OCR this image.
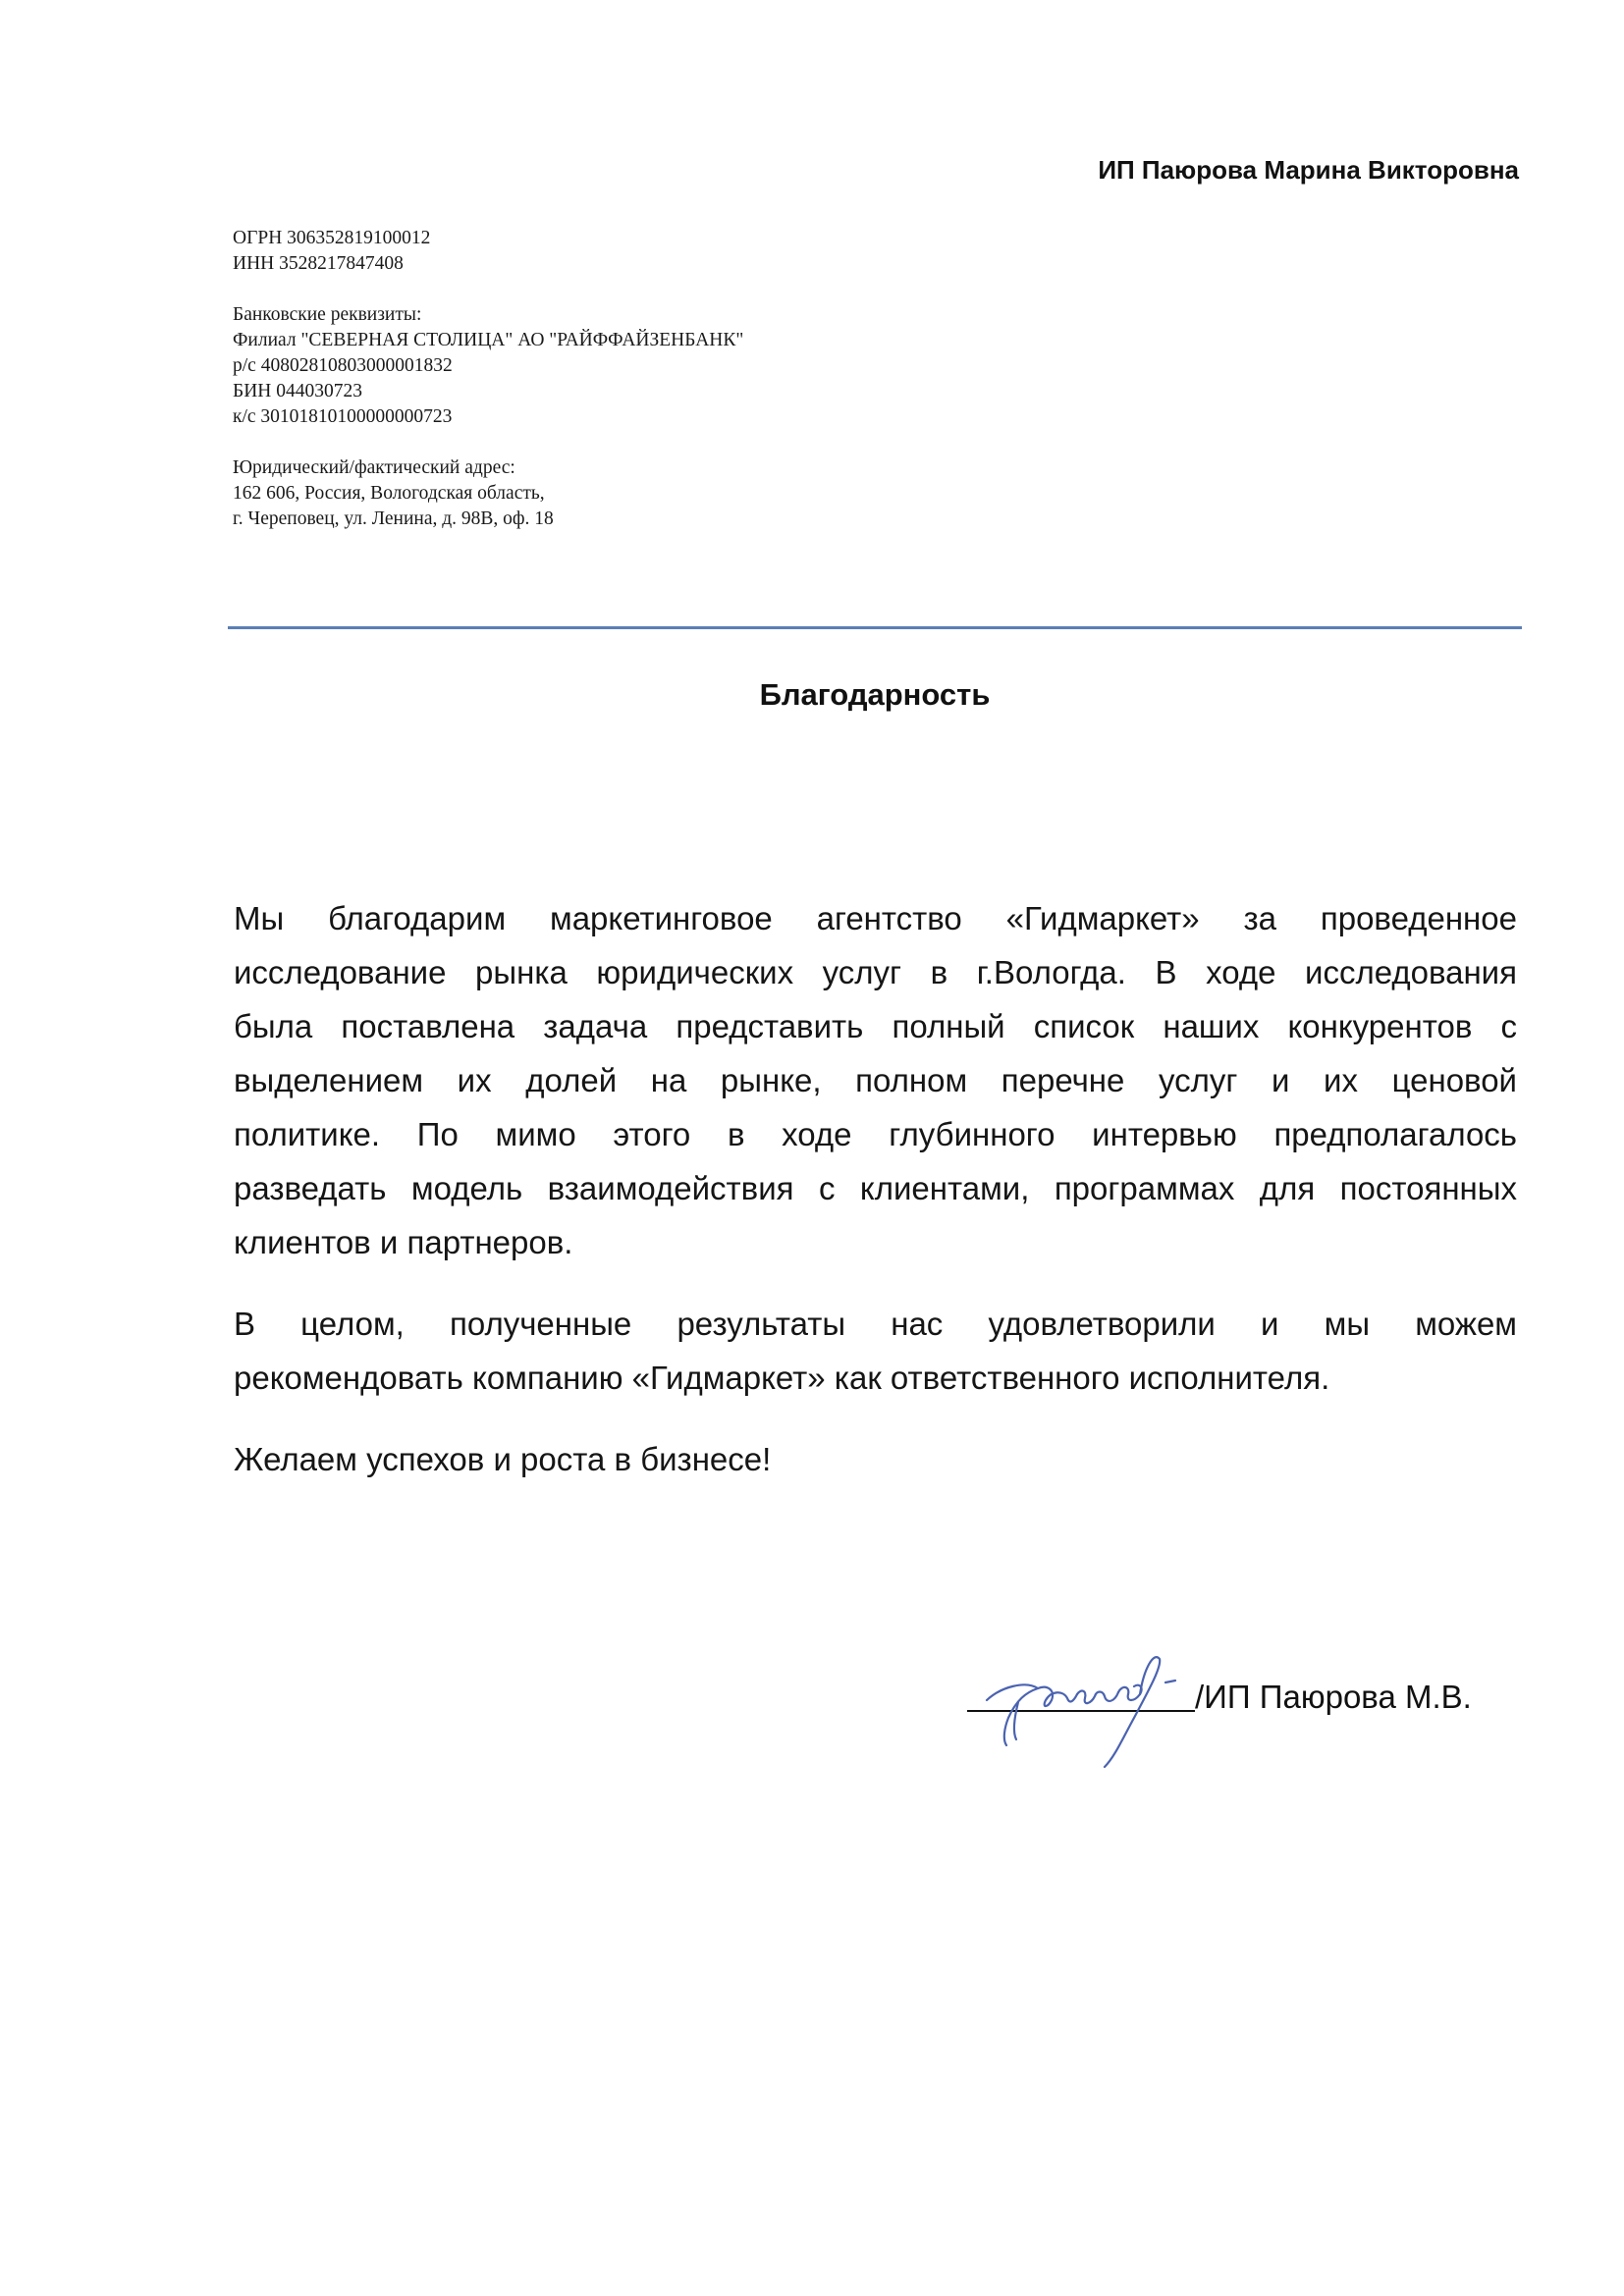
ИП Паюрова Марина Викторовна
ОГРН 306352819100012
ИНН 3528217847408
Банковские реквизиты:
Филиал "СЕВЕРНАЯ СТОЛИЦА" АО "РАЙФФАЙЗЕНБАНК"
р/с 40802810803000001832
БИН 044030723
к/с 30101810100000000723
Юридический/фактический адрес:
162 606, Россия, Вологодская область,
г. Череповец, ул. Ленина, д. 98В, оф. 18
Благодарность
Мы благодарим маркетинговое агентство «Гидмаркет» за проведенное
исследование рынка юридических услуг в г.Вологда. В ходе исследования
была поставлена задача представить полный список наших конкурентов с
выделением их долей на рынке, полном перечне услуг и их ценовой
политике. По мимо этого в ходе глубинного интервью предполагалось
разведать модель взаимодействия с клиентами, программах для постоянных
клиентов и партнеров.
В целом, полученные результаты нас удовлетворили и мы можем
рекомендовать компанию «Гидмаркет» как ответственного исполнителя.
Желаем успехов и роста в бизнесе!
/ИП Паюрова М.В.
